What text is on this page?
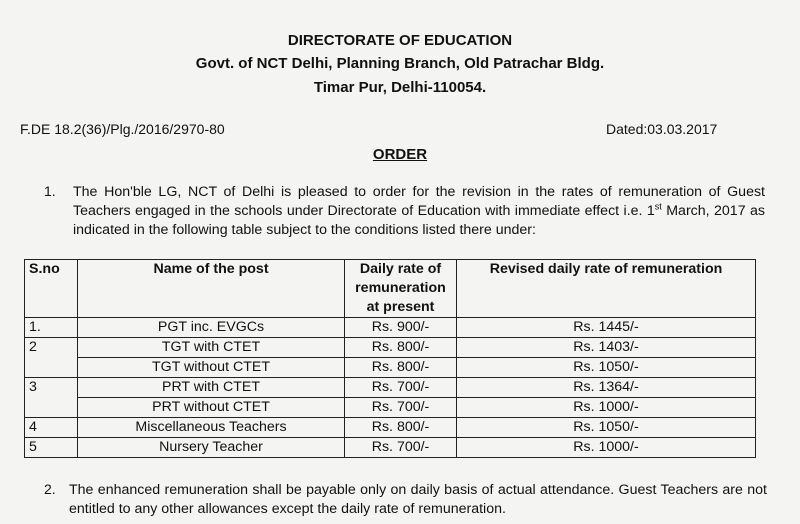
DIRECTORATE OF EDUCATION
Govt. of NCT Delhi, Planning Branch, Old Patrachar Bldg.
Timar Pur, Delhi-110054.
F.DE 18.2(36)/Plg./2016/2970-80	Dated:03.03.2017
ORDER
1. The Hon'ble LG, NCT of Delhi is pleased to order for the revision in the rates of remuneration of Guest Teachers engaged in the schools under Directorate of Education with immediate effect i.e. 1st March, 2017 as indicated in the following table subject to the conditions listed there under:
S.no	Name of the post	Daily rate of remuneration at present	Revised daily rate of remuneration
1.	PGT inc. EVGCs	Rs. 900/-	Rs. 1445/-
2	TGT with CTET	Rs. 800/-	Rs. 1403/-
	TGT without CTET	Rs. 800/-	Rs. 1050/-
3	PRT with CTET	Rs. 700/-	Rs. 1364/-
	PRT without CTET	Rs. 700/-	Rs. 1000/-
4	Miscellaneous Teachers	Rs. 800/-	Rs. 1050/-
5	Nursery Teacher	Rs. 700/-	Rs. 1000/-
2. The enhanced remuneration shall be payable only on daily basis of actual attendance. Guest Teachers are not entitled to any other allowances except the daily rate of remuneration.
